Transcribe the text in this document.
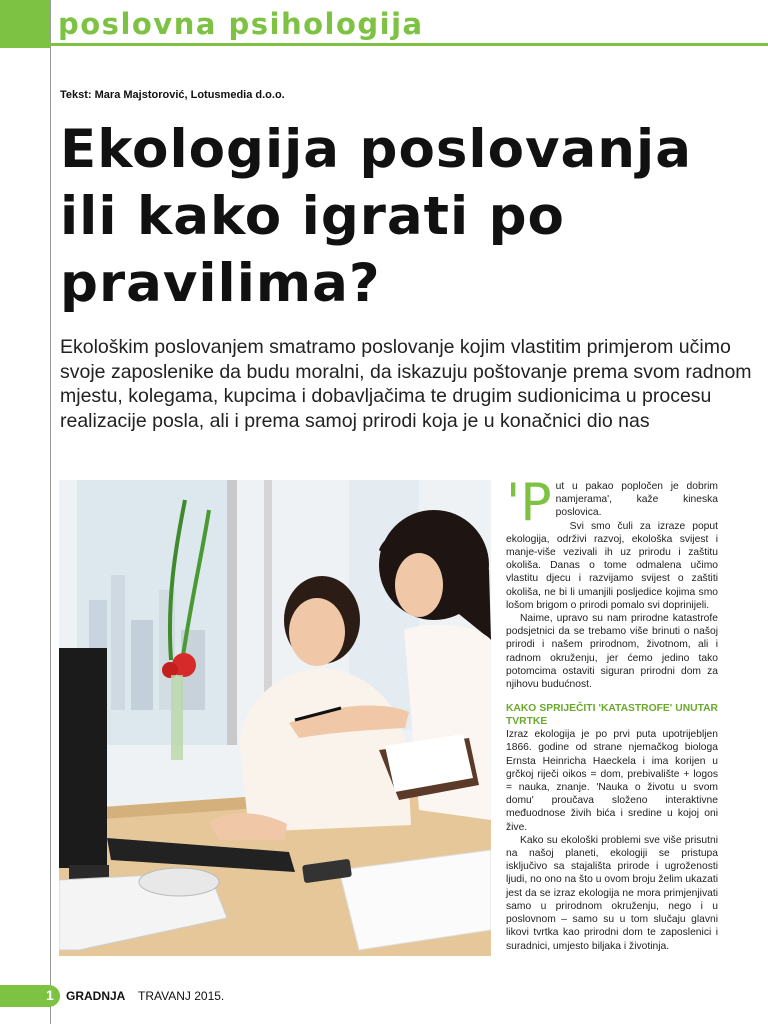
poslovna psihologija
Tekst: Mara Majstorović, Lotusmedia d.o.o.
Ekologija poslovanja
ili kako igrati po
pravilima?
Ekološkim poslovanjem smatramo poslovanje kojim vlastitim primjerom učimo svoje zaposlenike da budu moralni, da iskazuju poštovanje prema svom radnom mjestu, kolegama, kupcima i dobavljačima te drugim sudionicima u procesu realizacije posla, ali i prema samoj prirodi koja je u konačnici dio nas

'P ut u pakao popločen je dobrim namjerama', kaže kineska poslovica.

Svi smo čuli za izraze poput ekologija, održivi razvoj, ekološka svijest i manje-više vezivali ih uz prirodu i zaštitu okoliša. Danas o tome odmalena učimo vlastitu djecu i razvijamo svijest o zaštiti okoliša, ne bi li umanjili posljedice kojima smo lošom brigom o prirodi pomalo svi doprinijeli.

Naime, upravo su nam prirodne katastrofe podsjetnici da se trebamo više brinuti o našoj prirodi i našem prirodnom, životnom, ali i radnom okruženju, jer ćemo jedino tako potomcima ostaviti siguran prirodni dom za njihovu budućnost.

KAKO SPRIJEČITI 'KATASTROFE' UNUTAR TVRTKE

Izraz ekologija je po prvi puta upotrijebljen 1866. godine od strane njemačkog biologa Ernsta Heinricha Haeckela i ima korijen u grčkoj riječi oikos = dom, prebivalište + logos = nauka, znanje. 'Nauka o životu u svom domu' proučava složeno interaktivne međuodnose živih bića i sredine u kojoj oni žive.

Kako su ekološki problemi sve više prisutni na našoj planeti, ekologiji se pristupa isključivo sa stajališta prirode i ugroženosti ljudi, no ono na što u ovom broju želim ukazati jest da se izraz ekologija ne mora primjenjivati samo u prirodnom okruženju, nego i u poslovnom – samo su u tom slučaju glavni likovi tvrtka kao prirodni dom te zaposlenici i suradnici, umjesto biljaka i životinja.

1 GRADNJA TRAVANJ 2015.
